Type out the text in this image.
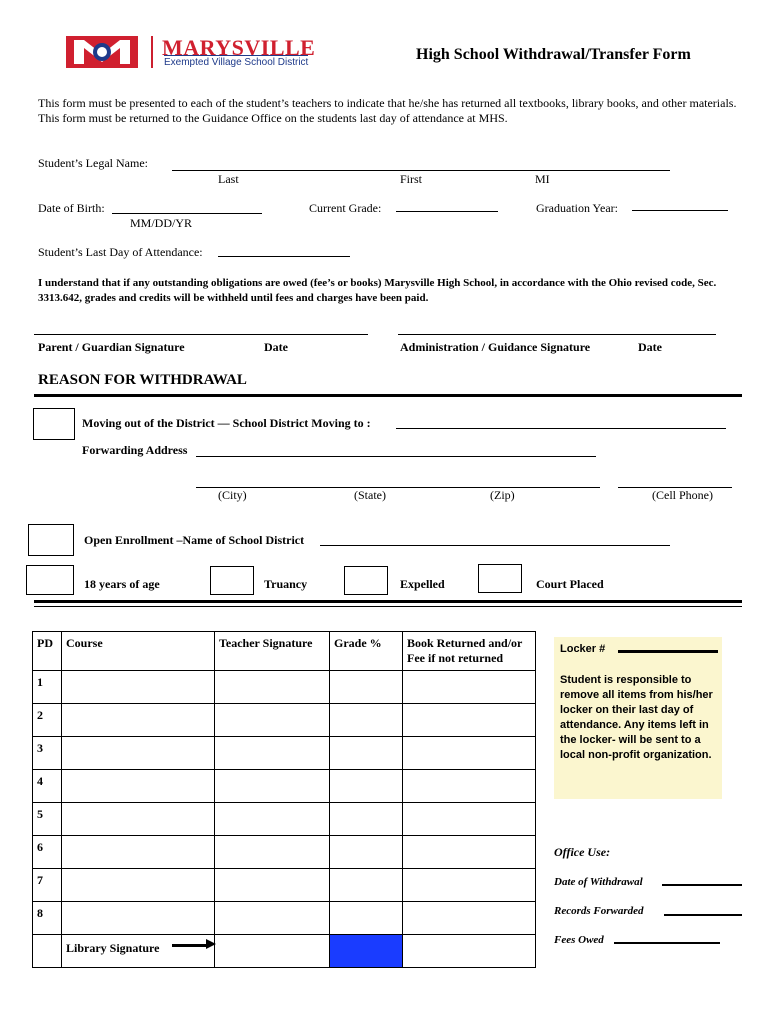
MARYSVILLE
Exempted Village School District	High School Withdrawal/Transfer Form
This form must be presented to each of the student’s teachers to indicate that he/she has returned all textbooks, library books, and other materials. This form must be returned to the Guidance Office on the students last day of attendance at MHS.
Student’s Legal Name:
Last	First	MI
Date of Birth:
MM/DD/YR
Current Grade:	Graduation Year:
Student’s Last Day of Attendance:
I understand that if any outstanding obligations are owed (fee’s or books) Marysville High School, in accordance with the Ohio revised code, Sec. 3313.642, grades and credits will be withheld until fees and charges have been paid.
Parent / Guardian Signature	Date	Administration / Guidance Signature	Date
REASON FOR WITHDRAWAL
Moving out of the District — School District Moving to :
Forwarding Address
(City)	(State)	(Zip)	(Cell Phone)
Open Enrollment –Name of School District
18 years of age	Truancy	Expelled	Court Placed
PD	Course	Teacher Signature	Grade %	Book Returned and/or Fee if not returned

1				

2				

3				

4				

5				

6				

7				

8				

	Library Signature			

Locker #
Student is responsible to remove all items from his/her locker on their last day of attendance. Any items left in the locker- will be sent to a local non-profit organization.
Office Use:
Date of Withdrawal
Records Forwarded
Fees Owed
